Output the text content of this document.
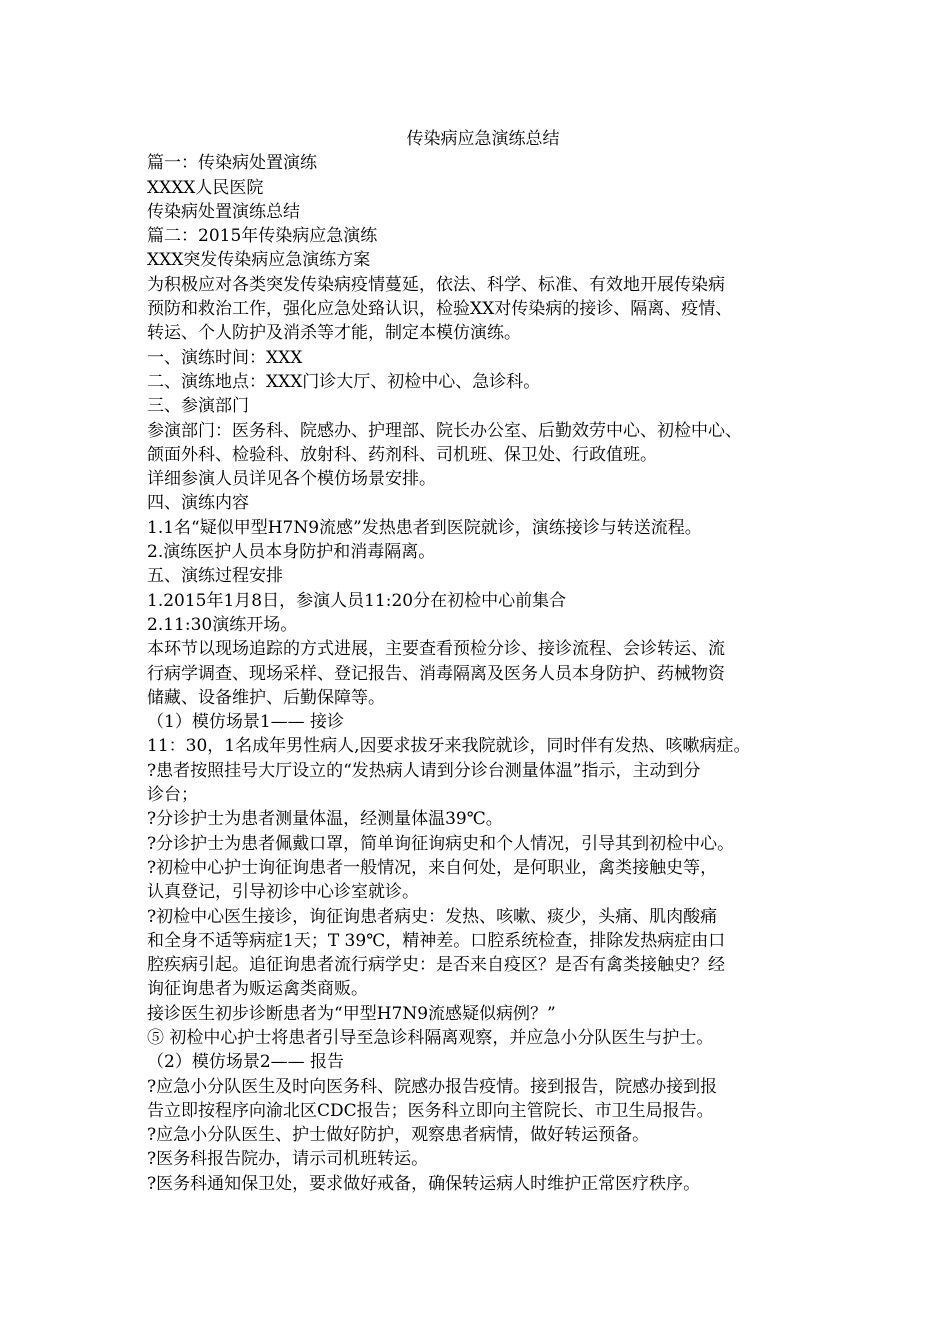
传染病应急演练总结
篇一：传染病处置演练
XXXX人民医院
传染病处置演练总结
篇二：2015年传染病应急演练
XXX突发传染病应急演练方案
为积极应对各类突发传染病疫情蔓延，依法、科学、标准、有效地开展传染病
预防和救治工作，强化应急处臵认识，检验XX对传染病的接诊、隔离、疫情、
转运、个人防护及消杀等才能，制定本模仿演练。
一、演练时间：XXX
二、演练地点：XXX门诊大厅、初检中心、急诊科。
三、参演部门
参演部门：医务科、院感办、护理部、院长办公室、后勤效劳中心、初检中心、
颌面外科、检验科、放射科、药剂科、司机班、保卫处、行政值班。
详细参演人员详见各个模仿场景安排。
四、演练内容
1.1名“疑似甲型H7N9流感”发热患者到医院就诊，演练接诊与转送流程。
2.演练医护人员本身防护和消毒隔离。
五、演练过程安排
1.2015年1月8日，参演人员11:20分在初检中心前集合
2.11:30演练开场。
本环节以现场追踪的方式进展，主要查看预检分诊、接诊流程、会诊转运、流
行病学调查、现场采样、登记报告、消毒隔离及医务人员本身防护、药械物资
储藏、设备维护、后勤保障等。
（1）模仿场景1—— 接诊
11：30，1名成年男性病人,因要求拔牙来我院就诊，同时伴有发热、咳嗽病症。
?患者按照挂号大厅设立的“发热病人请到分诊台测量体温”指示，主动到分
诊台；
?分诊护士为患者测量体温，经测量体温39℃。
?分诊护士为患者佩戴口罩，简单询征询病史和个人情况，引导其到初检中心。
?初检中心护士询征询患者一般情况，来自何处，是何职业，禽类接触史等，
认真登记，引导初诊中心诊室就诊。
?初检中心医生接诊，询征询患者病史：发热、咳嗽、痰少，头痛、肌肉酸痛
和全身不适等病症1天；T 39℃，精神差。口腔系统检查，排除发热病症由口
腔疾病引起。追征询患者流行病学史：是否来自疫区？是否有禽类接触史？经
询征询患者为贩运禽类商贩。
接诊医生初步诊断患者为“甲型H7N9流感疑似病例？”
⑤ 初检中心护士将患者引导至急诊科隔离观察，并应急小分队医生与护士。
（2）模仿场景2—— 报告
?应急小分队医生及时向医务科、院感办报告疫情。接到报告，院感办接到报
告立即按程序向渝北区CDC报告；医务科立即向主管院长、市卫生局报告。
?应急小分队医生、护士做好防护，观察患者病情，做好转运预备。
?医务科报告院办，请示司机班转运。
?医务科通知保卫处，要求做好戒备，确保转运病人时维护正常医疗秩序。
